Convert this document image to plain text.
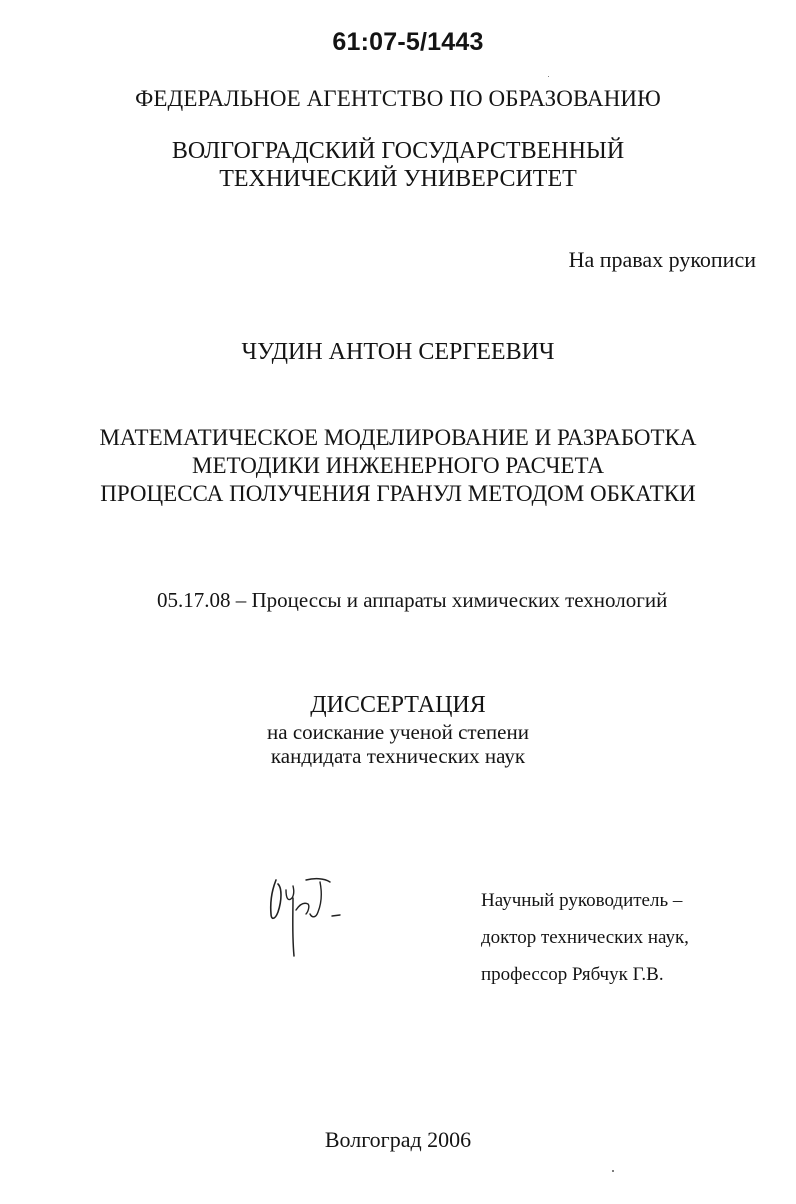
61:07-5/1443
ФЕДЕРАЛЬНОЕ АГЕНТСТВО ПО ОБРАЗОВАНИЮ
ВОЛГОГРАДСКИЙ ГОСУДАРСТВЕННЫЙ
ТЕХНИЧЕСКИЙ УНИВЕРСИТЕТ
На правах рукописи
ЧУДИН АНТОН СЕРГЕЕВИЧ
МАТЕМАТИЧЕСКОЕ МОДЕЛИРОВАНИЕ И РАЗРАБОТКА
МЕТОДИКИ ИНЖЕНЕРНОГО РАСЧЕТА
ПРОЦЕССА ПОЛУЧЕНИЯ ГРАНУЛ МЕТОДОМ ОБКАТКИ
05.17.08 – Процессы и аппараты химических технологий
ДИССЕРТАЦИЯ
на соискание ученой степени
кандидата технических наук
Научный руководитель –
доктор технических наук,
профессор Рябчук Г.В.
Волгоград 2006
